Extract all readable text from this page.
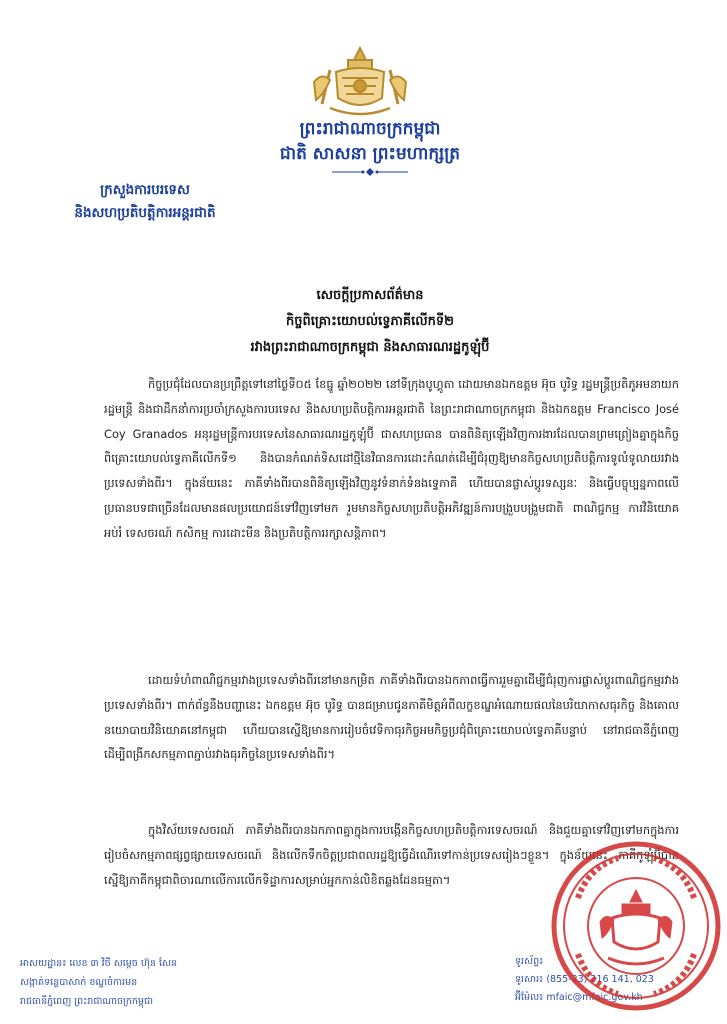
ព្រះរាជាណាចក្រកម្ពុជា
ជាតិ សាសនា ព្រះមហាក្សត្រ
ក្រសួងការបរទេស
និងសហប្រតិបត្តិការអន្តរជាតិ
សេចក្តីប្រកាសព័ត៌មាន
កិច្ចពិគ្រោះយោបល់ទ្វេភាគីលើកទី២
រវាងព្រះរាជាណាចក្រកម្ពុជា និងសាធារណរដ្ឋកូឡុំប៊ី
កិច្ចប្រជុំដែលបានប្រព្រឹត្តទៅនៅថ្ងៃទី០៥ ខែធ្នូ ឆ្នាំ២០២២ នៅទីក្រុងបូហ្គូតា ដោយមានឯកឧត្តម អ៊ុច បូរិទ្ធ រដ្ឋមន្ត្រីប្រតិភូអមនាយករដ្ឋមន្ត្រី និងជាដឹកនាំការប្រចាំក្រសួងការបរទេស និងសហប្រតិបត្តិការអន្តរជាតិ នៃព្រះរាជាណាចក្រកម្ពុជា និងឯកឧត្តម Francisco José Coy Granados អនុរដ្ឋមន្ត្រីការបរទេសនៃសាធារណរដ្ឋកូឡុំប៊ី ជាសហប្រធាន បានពិនិត្យឡើងវិញការងារដែលបានព្រមព្រៀងគ្នាក្នុងកិច្ចពិគ្រោះយោបល់ទ្វេភាគីលើកទី១ និងបានកំណត់ទិសដៅថ្មីនៃវិធានការដោះកំណត់ដើម្បីជំរុញឱ្យមានកិច្ចសហប្រតិបត្តិការទូលំទូលាយរវាងប្រទេសទាំងពីរ។ ក្នុងន័យនេះ ភាគីទាំងពីរបានពិនិត្យឡើងវិញនូវទំនាក់ទំនងទ្វេភាគី ហើយបានផ្លាស់ប្តូរទស្សនៈ និងធ្វើបច្ចុប្បន្នភាពលើប្រធានបទជាច្រើនដែលមានផលប្រយោជន៍ទៅវិញទៅមក រួមមានកិច្ចសហប្រតិបត្តិអភិវឌ្ឍន៍ការបង្រួបបង្រួមជាតិ ពាណិជ្ជកម្ម ការវិនិយោគ អប់រំ ទេសចរណ៍ កសិកម្ម ការដោះមីន និងប្រតិបត្តិការរក្សាសន្តិភាព។
ដោយទំហំពាណិជ្ជកម្មរវាងប្រទេសទាំងពីរនៅមានកម្រិត ភាគីទាំងពីរបានឯកភាពធ្វើការរួមគ្នាដើម្បីជំរុញការផ្លាស់ប្តូរពាណិជ្ជកម្មរវាងប្រទេសទាំងពីរ។ ពាក់ព័ន្ធនឹងបញ្ហានេះ ឯកឧត្តម អ៊ុច បូរិទ្ធ បានជម្រាបជូនភាគីមិត្តអំពីលក្ខខណ្ឌអំណោយផលនៃបរិយាកាសធុរកិច្ច និងគោលនយោបាយវិនិយោគនៅកម្ពុជា ហើយបានស្នើឱ្យមានការរៀបចំវេទិកាធុរកិច្ចអមកិច្ចប្រជុំពិគ្រោះយោបល់ទ្វេភាគីបន្ទាប់ នៅរាជធានីភ្នំពេញ ដើម្បីពង្រីកសកម្មភាពភ្ជាប់រវាងធុរកិច្ចនៃប្រទេសទាំងពីរ។
ក្នុងវិស័យទេសចរណ៍ ភាគីទាំងពីរបានឯកភាពគ្នាក្នុងការបង្កើនកិច្ចសហប្រតិបត្តិការទេសចរណ៍ និងជួយគ្នាទៅវិញទៅមកក្នុងការរៀបចំសកម្មភាពផ្សព្វផ្សាយទេសចរណ៍ និងលើកទឹកចិត្តប្រជាពលរដ្ឋឱ្យធ្វើដំណើរទៅកាន់ប្រទេសរៀងៗខ្លួន។ ក្នុងន័យនេះ ភាគីកូឡុំប៊ីបានស្នើឱ្យភាគីកម្ពុជាពិចារណាលើការលើកទិដ្ឋាការសម្រាប់អ្នកកាន់លិខិតឆ្លងដែនធម្មតា។
អាសយដ្ឋាន៖ លេខ ៣ វិថី សម្តេច ហ៊ុន សែន
សង្កាត់ទន្លេបាសាក់ ខណ្ឌចំការមន
រាជធានីភ្នំពេញ ព្រះរាជាណាចក្រកម្ពុជា
ទូរស័ព្ទ៖
ទូរសារ៖ (855-23) 216 141, 023
អ៊ីម៉ែល៖ mfaic@mfaic.gov.kh
